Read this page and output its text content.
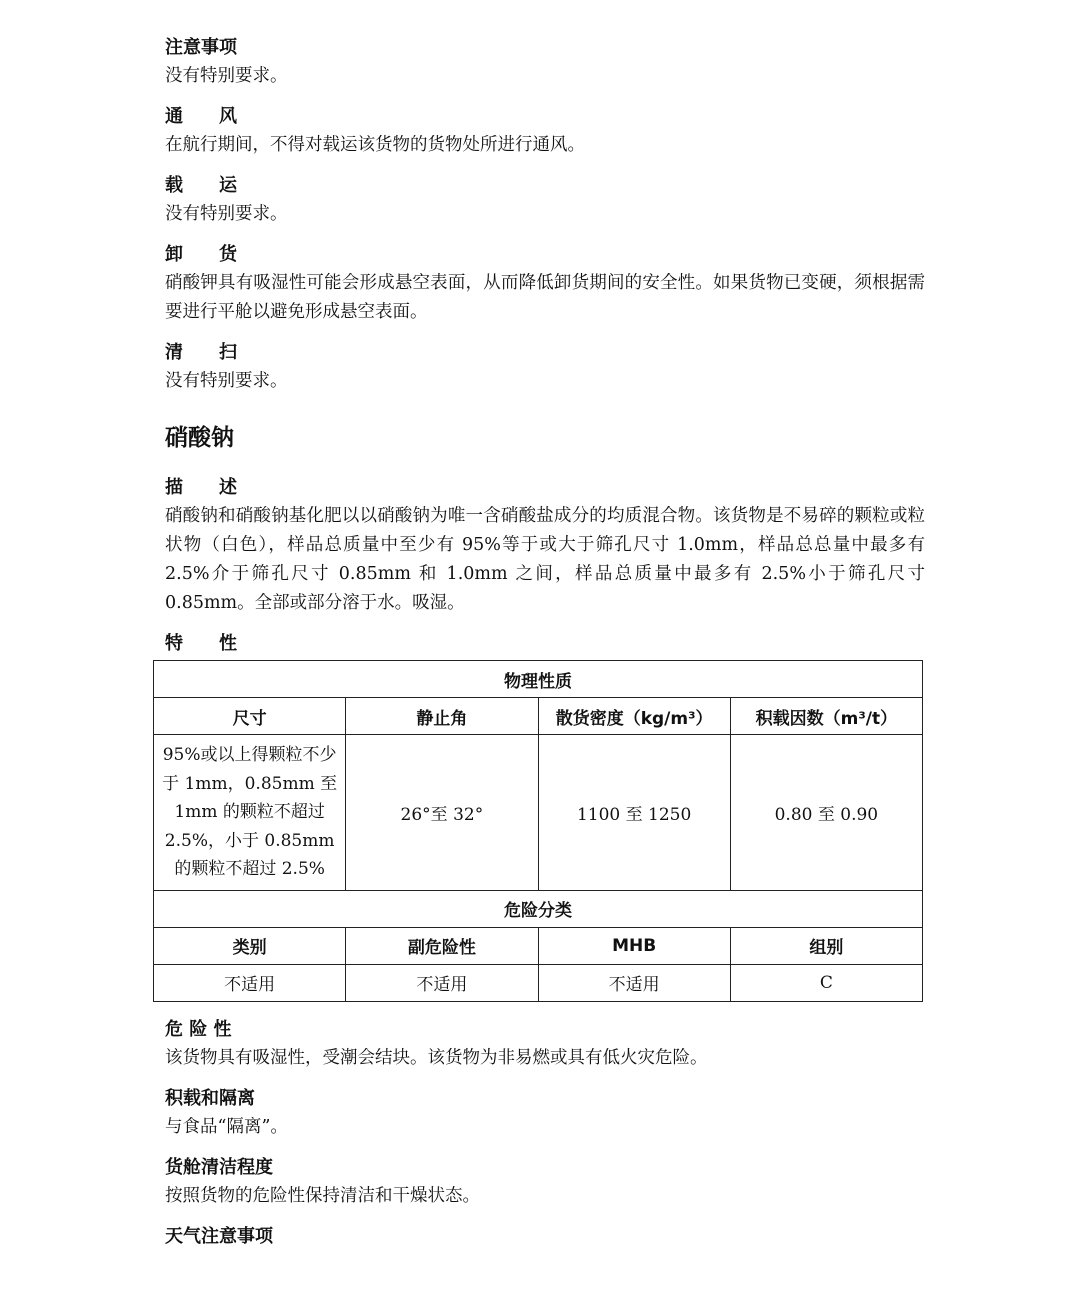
注意事项

没有特别要求。

通　　风

在航行期间，不得对载运该货物的货物处所进行通风。

载　　运

没有特别要求。

卸　　货

硝酸钾具有吸湿性可能会形成悬空表面，从而降低卸货期间的安全性。如果货物已变硬，须根据需要进行平舱以避免形成悬空表面。

清　　扫

没有特别要求。

硝酸钠

描　　述

硝酸钠和硝酸钠基化肥以以硝酸钠为唯一含硝酸盐成分的均质混合物。该货物是不易碎的颗粒或粒状物（白色），样品总质量中至少有 95%等于或大于筛孔尺寸 1.0mm，样品总总量中最多有 2.5%介于筛孔尺寸 0.85mm 和 1.0mm 之间，样品总质量中最多有 2.5%小于筛孔尺寸 0.85mm。全部或部分溶于水。吸湿。

特　　性

物理性质			
尺寸	静止角	散货密度（kg/m³）	积载因数（m³/t）
95%或以上得颗粒不少于 1mm，0.85mm 至 1mm 的颗粒不超过 2.5%，小于 0.85mm 的颗粒不超过 2.5%	26°至 32°	1100 至 1250	0.80 至 0.90
危险分类			
类别	副危险性	MHB	组别
不适用	不适用	不适用	C

危 险 性

该货物具有吸湿性，受潮会结块。该货物为非易燃或具有低火灾危险。

积载和隔离

与食品“隔离”。

货舱清洁程度

按照货物的危险性保持清洁和干燥状态。

天气注意事项
